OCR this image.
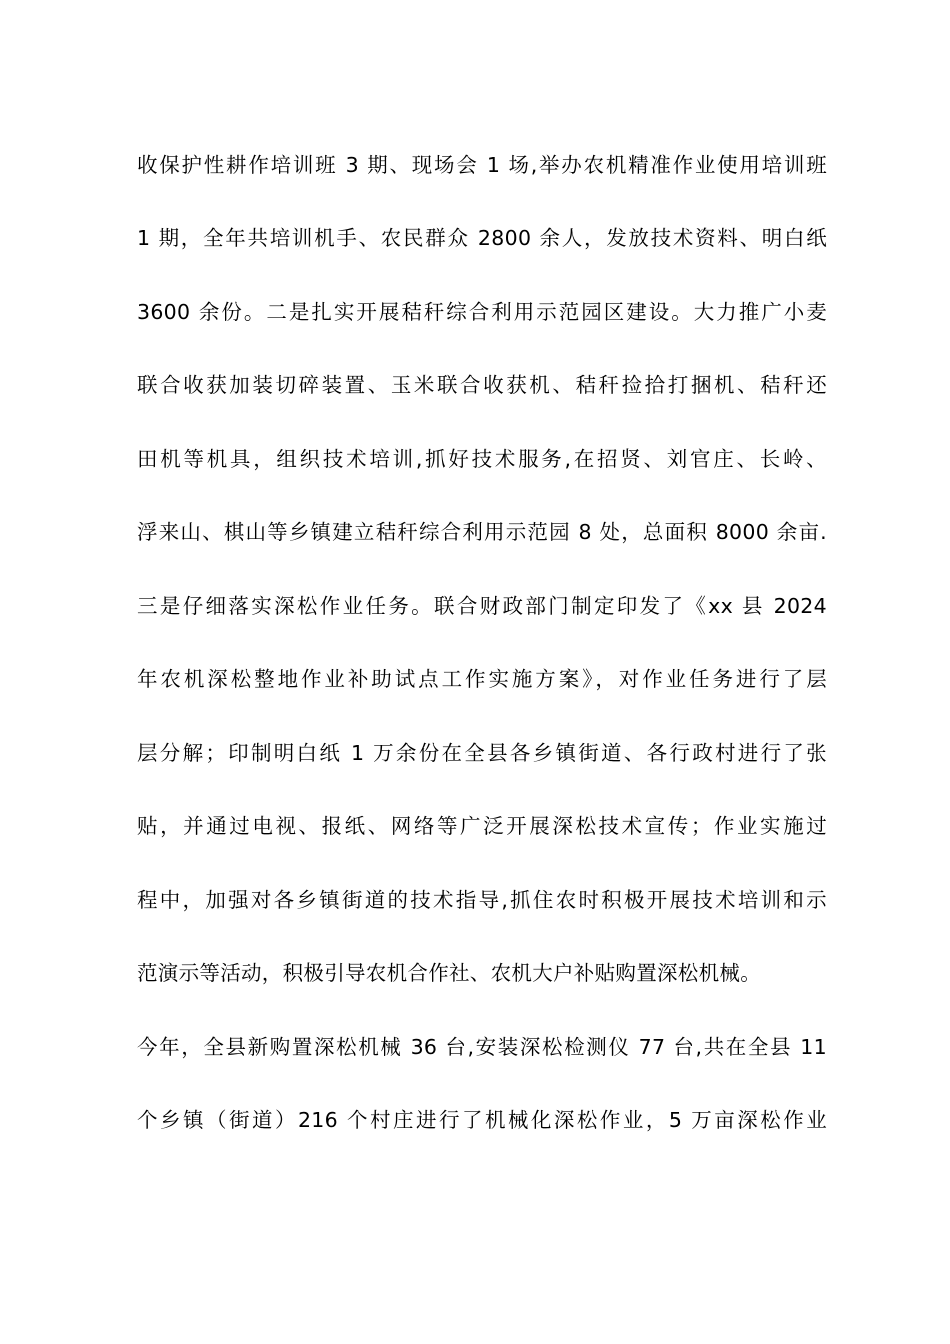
收保护性耕作培训班 3 期、现场会 1 场,举办农机精准作业使用培训班
1 期，全年共培训机手、农民群众 2800 余人，发放技术资料、明白纸
3600 余份。二是扎实开展秸秆综合利用示范园区建设。大力推广小麦
联合收获加装切碎装置、玉米联合收获机、秸秆捡拾打捆机、秸秆还
田机等机具，组织技术培训,抓好技术服务,在招贤、刘官庄、长岭、
浮来山、棋山等乡镇建立秸秆综合利用示范园 8 处，总面积 8000 余亩.
三是仔细落实深松作业任务。联合财政部门制定印发了《xx 县 2024
年农机深松整地作业补助试点工作实施方案》，对作业任务进行了层
层分解；印制明白纸 1 万余份在全县各乡镇街道、各行政村进行了张
贴，并通过电视、报纸、网络等广泛开展深松技术宣传；作业实施过
程中，加强对各乡镇街道的技术指导,抓住农时积极开展技术培训和示
范演示等活动，积极引导农机合作社、农机大户补贴购置深松机械。
今年，全县新购置深松机械 36 台,安装深松检测仪 77 台,共在全县 11
个乡镇（街道）216 个村庄进行了机械化深松作业，5 万亩深松作业
